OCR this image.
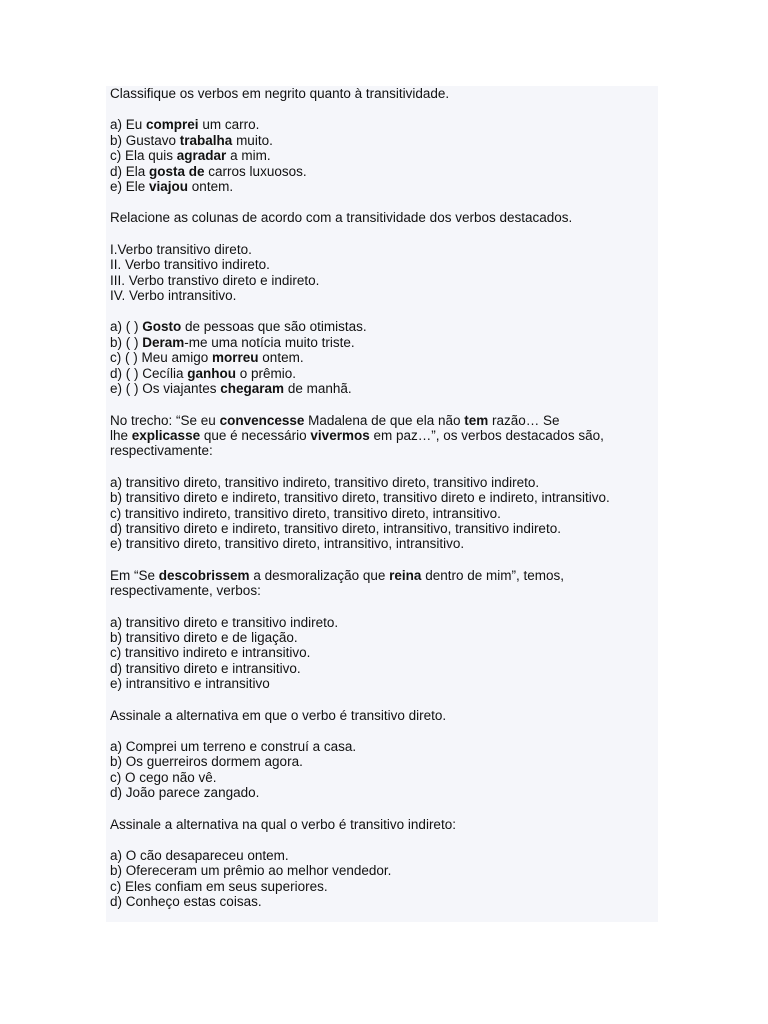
Classifique os verbos em negrito quanto à transitividade.

a) Eu comprei um carro.

b) Gustavo trabalha muito.

c) Ela quis agradar a mim.

d) Ela gosta de carros luxuosos.

e) Ele viajou ontem.

Relacione as colunas de acordo com a transitividade dos verbos destacados.

I.Verbo transitivo direto.

II. Verbo transitivo indireto.

III. Verbo transtivo direto e indireto.

IV. Verbo intransitivo.

a) ( ) Gosto de pessoas que são otimistas.

b) ( ) Deram-me uma notícia muito triste.

c) ( ) Meu amigo morreu ontem.

d) ( ) Cecília ganhou o prêmio.

e) ( ) Os viajantes chegaram de manhã.

No trecho: “Se eu convencesse Madalena de que ela não tem razão… Se

lhe explicasse que é necessário vivermos em paz…”, os verbos destacados são,

respectivamente:

a) transitivo direto, transitivo indireto, transitivo direto, transitivo indireto.

b) transitivo direto e indireto, transitivo direto, transitivo direto e indireto, intransitivo.

c) transitivo indireto, transitivo direto, transitivo direto, intransitivo.

d) transitivo direto e indireto, transitivo direto, intransitivo, transitivo indireto.

e) transitivo direto, transitivo direto, intransitivo, intransitivo.

Em “Se descobrissem a desmoralização que reina dentro de mim”, temos,

respectivamente, verbos:

a) transitivo direto e transitivo indireto.

b) transitivo direto e de ligação.

c) transitivo indireto e intransitivo.

d) transitivo direto e intransitivo.

e) intransitivo e intransitivo

Assinale a alternativa em que o verbo é transitivo direto.

a) Comprei um terreno e construí a casa.

b) Os guerreiros dormem agora.

c) O cego não vê.

d) João parece zangado.

Assinale a alternativa na qual o verbo é transitivo indireto:

a) O cão desapareceu ontem.

b) Ofereceram um prêmio ao melhor vendedor.

c) Eles confiam em seus superiores.

d) Conheço estas coisas.
